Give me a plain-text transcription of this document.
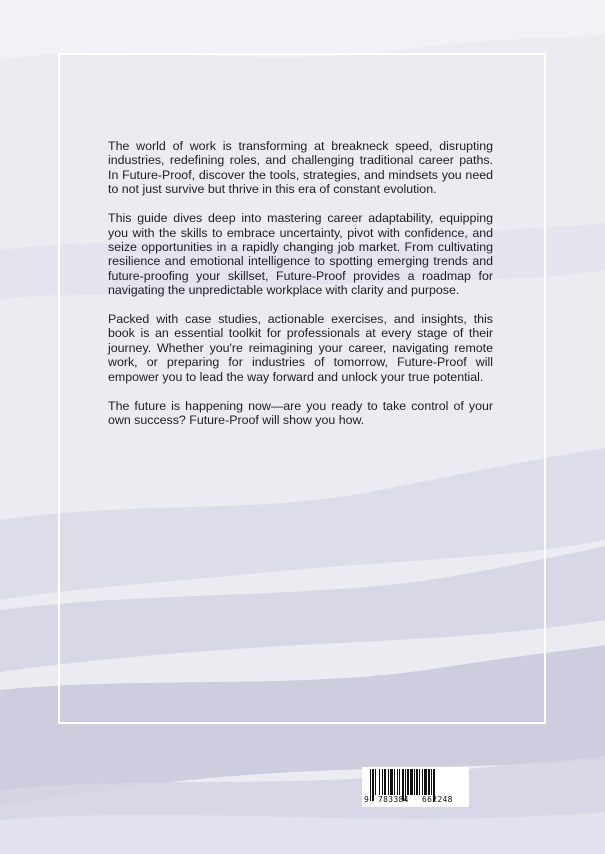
The world of work is transforming at breakneck speed, disrupting industries, redefining roles, and challenging traditional career paths. In Future-Proof, discover the tools, strategies, and mindsets you need to not just survive but thrive in this era of constant evolution.

This guide dives deep into mastering career adaptability, equipping you with the skills to embrace uncertainty, pivot with confidence, and seize opportunities in a rapidly changing job market. From cultivating resilience and emotional intelligence to spotting emerging trends and future-proofing your skillset, Future-Proof provides a roadmap for navigating the unpredictable workplace with clarity and purpose.

Packed with case studies, actionable exercises, and insights, this book is an essential toolkit for professionals at every stage of their journey. Whether you're reimagining your career, navigating remote work, or preparing for industries of tomorrow, Future-Proof will empower you to lead the way forward and unlock your true potential.

The future is happening now—are you ready to take control of your own success? Future-Proof will show you how.

9 783384 662248
